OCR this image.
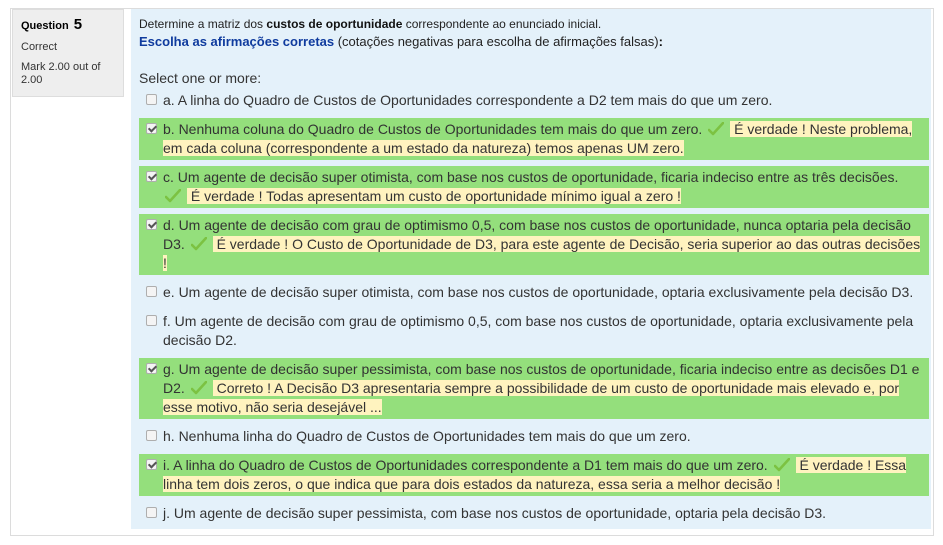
Question 5
Correct
Mark 2.00 out of 2.00
Determine a matriz dos custos de oportunidade correspondente ao enunciado inicial.
Escolha as afirmações corretas (cotações negativas para escolha de afirmações falsas):
Select one or more:
a. A linha do Quadro de Custos de Oportunidades correspondente a D2 tem mais do que um zero.
b. Nenhuma coluna do Quadro de Custos de Oportunidades tem mais do que um zero.  É verdade ! Neste problema, em cada coluna (correspondente a um estado da natureza) temos apenas UM zero.
c. Um agente de decisão super otimista, com base nos custos de oportunidade, ficaria indeciso entre as três decisões.  É verdade ! Todas apresentam um custo de oportunidade mínimo igual a zero !
d. Um agente de decisão com grau de optimismo 0,5, com base nos custos de oportunidade, nunca optaria pela decisão D3.  É verdade ! O Custo de Oportunidade de D3, para este agente de Decisão, seria superior ao das outras decisões !
e. Um agente de decisão super otimista, com base nos custos de oportunidade, optaria exclusivamente pela decisão D3.
f. Um agente de decisão com grau de optimismo 0,5, com base nos custos de oportunidade, optaria exclusivamente pela decisão D2.
g. Um agente de decisão super pessimista, com base nos custos de oportunidade, ficaria indeciso entre as decisões D1 e D2.  Correto ! A Decisão D3 apresentaria sempre a possibilidade de um custo de oportunidade mais elevado e, por esse motivo, não seria desejável ...
h. Nenhuma linha do Quadro de Custos de Oportunidades tem mais do que um zero.
i. A linha do Quadro de Custos de Oportunidades correspondente a D1 tem mais do que um zero.  É verdade ! Essa linha tem dois zeros, o que indica que para dois estados da natureza, essa seria a melhor decisão !
j. Um agente de decisão super pessimista, com base nos custos de oportunidade, optaria pela decisão D3.
